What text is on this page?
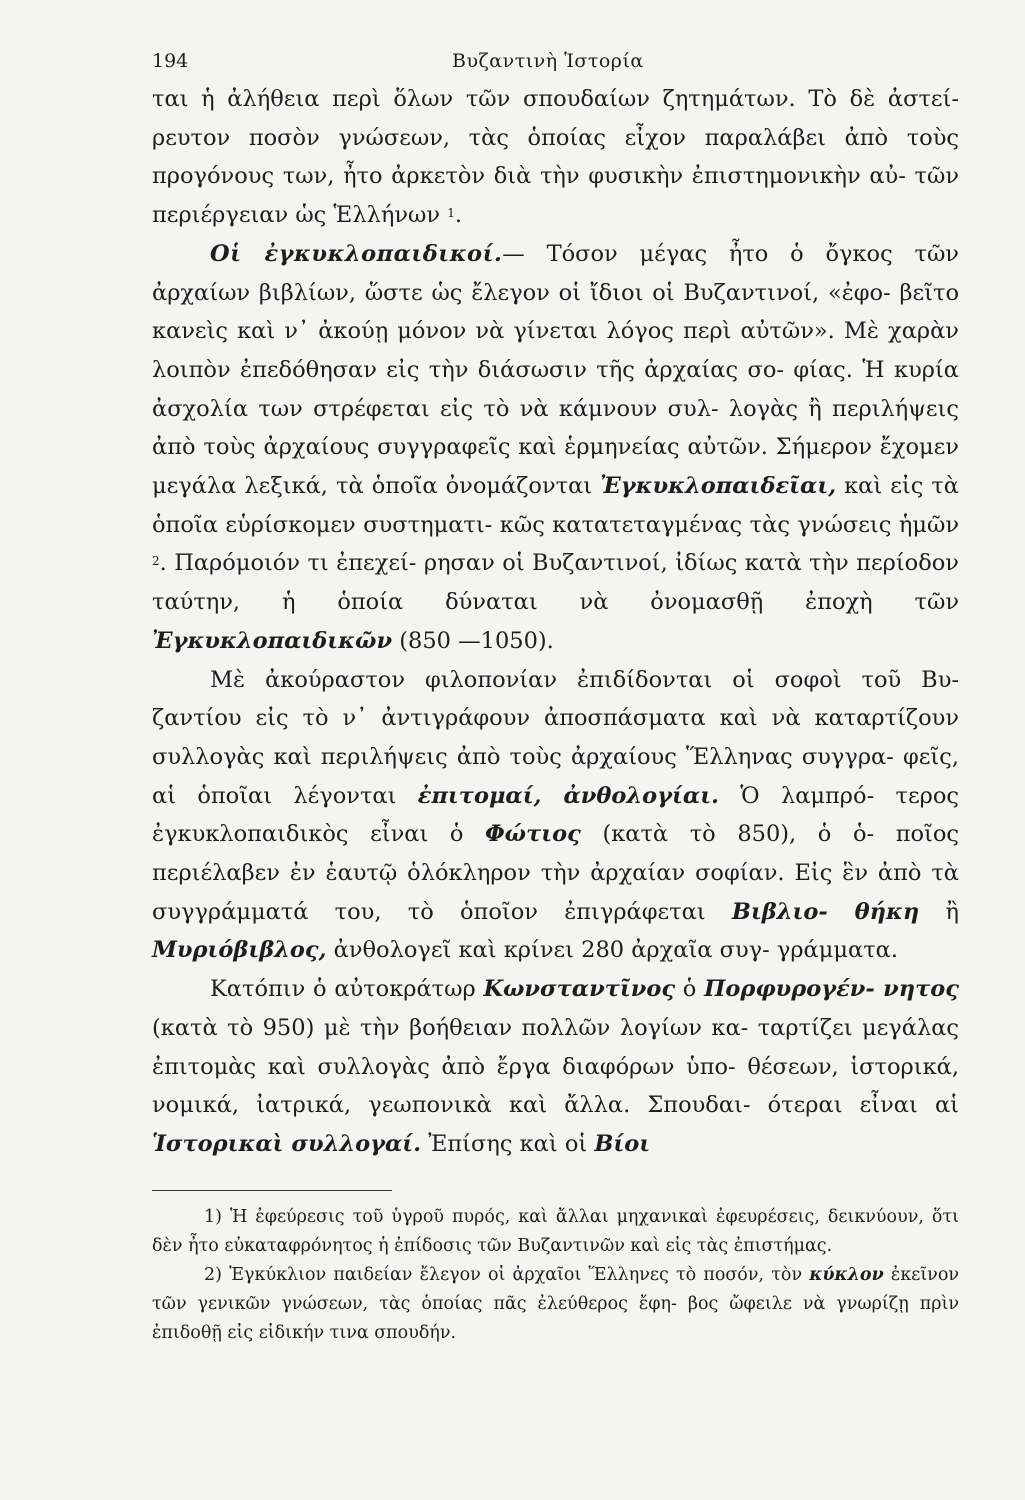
194	Βυζαντινὴ Ἱστορία

ται ἡ ἀλήθεια περὶ ὅλων τῶν σπουδαίων ζητημάτων. Τὸ δὲ ἀστεί- ρευτον ποσὸν γνώσεων, τὰς ὁποίας εἶχον παραλάβει ἀπὸ τοὺς προγόνους των, ἦτο ἀρκετὸν διὰ τὴν φυσικὴν ἐπιστημονικὴν αὐ- τῶν περιέργειαν ὡς Ἑλλήνων $^1$.

Οἱ ἐγκυκλοπαιδικοί.— Τόσον μέγας ἦτο ὁ ὄγκος τῶν ἀρχαίων βιβλίων, ὥστε ὡς ἔλεγον οἱ ἴδιοι οἱ Βυζαντινοί, «ἐφο- βεῖτο κανεὶς καὶ ν᾽ ἀκούῃ μόνον νὰ γίνεται λόγος περὶ αὐτῶν». Μὲ χαρὰν λοιπὸν ἐπεδόθησαν εἰς τὴν διάσωσιν τῆς ἀρχαίας σο- φίας. Ἡ κυρία ἀσχολία των στρέφεται εἰς τὸ νὰ κάμνουν συλ- λογὰς ἢ περιλήψεις ἀπὸ τοὺς ἀρχαίους συγγραφεῖς καὶ ἑρμηνείας αὐτῶν. Σήμερον ἔχομεν μεγάλα λεξικά, τὰ ὁποῖα ὀνομάζονται Ἐγκυκλοπαιδεῖαι, καὶ εἰς τὰ ὁποῖα εὑρίσκομεν συστηματι- κῶς κατατεταγμένας τὰς γνώσεις ἡμῶν $^2$. Παρόμοιόν τι ἐπεχεί- ρησαν οἱ Βυζαντινοί, ἰδίως κατὰ τὴν περίοδον ταύτην, ἡ ὁποία δύναται νὰ ὀνομασθῇ ἐποχὴ τῶν Ἐγκυκλοπαιδικῶν (850 —1050).

Μὲ ἀκούραστον φιλοπονίαν ἐπιδίδονται οἱ σοφοὶ τοῦ Βυ- ζαντίου εἰς τὸ ν᾽ ἀντιγράφουν ἀποσπάσματα καὶ νὰ καταρτίζουν συλλογὰς καὶ περιλήψεις ἀπὸ τοὺς ἀρχαίους Ἕλληνας συγγρα- φεῖς, αἱ ὁποῖαι λέγονται ἐπιτομαί, ἀνθολογίαι. Ὁ λαμπρό- τερος ἐγκυκλοπαιδικὸς εἶναι ὁ Φώτιος (κατὰ τὸ 850), ὁ ὁ- ποῖος περιέλαβεν ἐν ἑαυτῷ ὁλόκληρον τὴν ἀρχαίαν σοφίαν. Εἰς ἓν ἀπὸ τὰ συγγράμματά του, τὸ ὁποῖον ἐπιγράφεται Βιβλιο- θήκη ἢ Μυριόβιβλος, ἀνθολογεῖ καὶ κρίνει 280 ἀρχαῖα συγ- γράμματα.

Κατόπιν ὁ αὐτοκράτωρ Κωνσταντῖνος ὁ Πορφυρογέν- νητος (κατὰ τὸ 950) μὲ τὴν βοήθειαν πολλῶν λογίων κα- ταρτίζει μεγάλας ἐπιτομὰς καὶ συλλογὰς ἀπὸ ἔργα διαφόρων ὑπο- θέσεων, ἱστορικά, νομικά, ἰατρικά, γεωπονικὰ καὶ ἄλλα. Σπουδαι- ότεραι εἶναι αἱ Ἱστορικαὶ συλλογαί. Ἐπίσης καὶ οἱ Βίοι

1) Ἡ ἐφεύρεσις τοῦ ὑγροῦ πυρός, καὶ ἄλλαι μηχανικαὶ ἐφευρέσεις, δεικνύουν, ὅτι δὲν ἦτο εὐκαταφρόνητος ἡ ἐπίδοσις τῶν Βυζαντινῶν καὶ εἰς τὰς ἐπιστήμας.

2) Ἐγκύκλιον παιδείαν ἔλεγον οἱ ἀρχαῖοι Ἕλληνες τὸ ποσόν, τὸν κύκλον ἐκεῖνον τῶν γενικῶν γνώσεων, τὰς ὁποίας πᾶς ἐλεύθερος ἔφη- βος ὤφειλε νὰ γνωρίζῃ πρὶν ἐπιδοθῇ εἰς εἰδικήν τινα σπουδήν.
